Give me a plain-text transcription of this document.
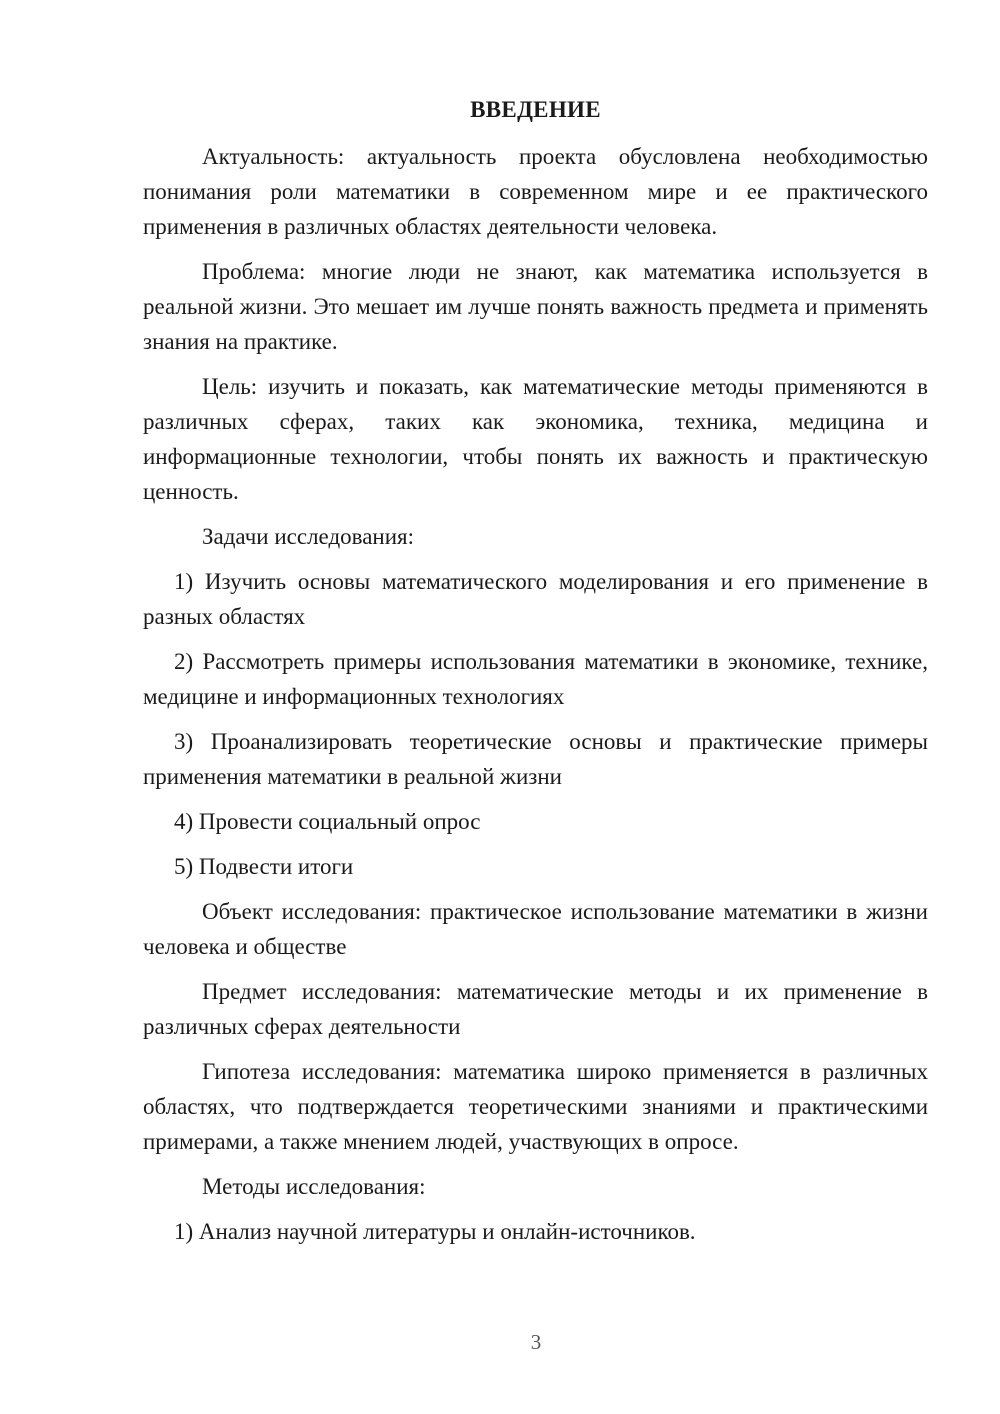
ВВЕДЕНИЕ

Актуальность: актуальность проекта обусловлена необходимостью понимания роли математики в современном мире и ее практического применения в различных областях деятельности человека.

Проблема: многие люди не знают, как математика используется в реальной жизни. Это мешает им лучше понять важность предмета и применять знания на практике.

Цель: изучить и показать, как математические методы применяются в различных сферах, таких как экономика, техника, медицина и информационные технологии, чтобы понять их важность и практическую ценность.

Задачи исследования:

1) Изучить основы математического моделирования и его применение в разных областях

2) Рассмотреть примеры использования математики в экономике, технике, медицине и информационных технологиях

3) Проанализировать теоретические основы и практические примеры применения математики в реальной жизни

4) Провести социальный опрос

5) Подвести итоги

Объект исследования: практическое использование математики в жизни человека и обществе

Предмет исследования: математические методы и их применение в различных сферах деятельности

Гипотеза исследования: математика широко применяется в различных областях, что подтверждается теоретическими знаниями и практическими примерами, а также мнением людей, участвующих в опросе.

Методы исследования:

1) Анализ научной литературы и онлайн-источников.

3
